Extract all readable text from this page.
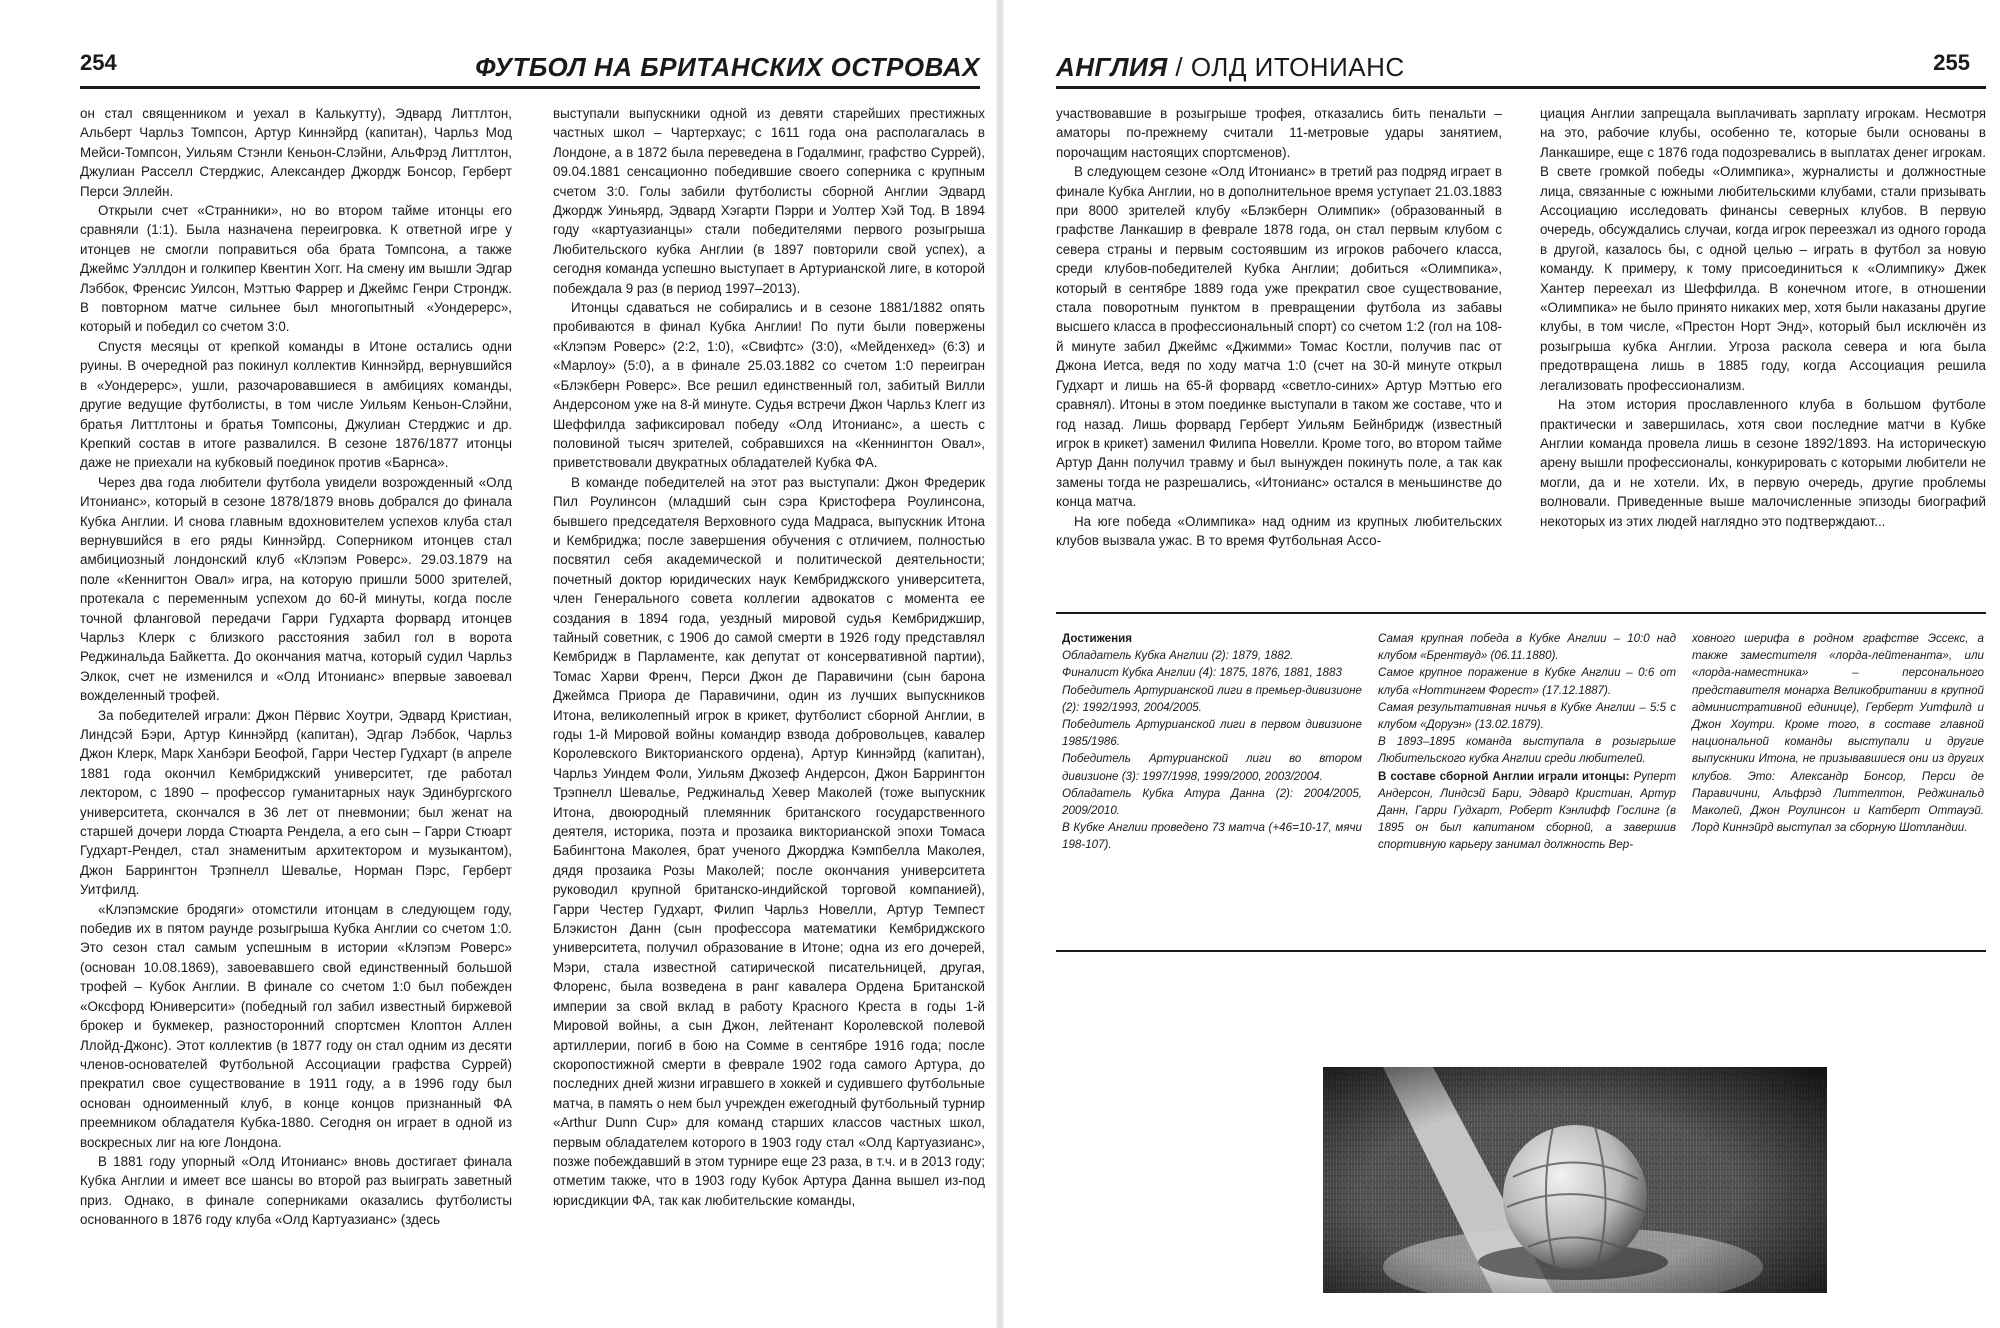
254	ФУТБОЛ НА БРИТАНСКИХ ОСТРОВАХ

он стал священником и уехал в Калькутту), Эдвард Литтлтон, Альберт Чарльз Томпсон, Артур Киннэйрд (капитан), Чарльз Мод Мейси-Томпсон, Уильям Стэнли Кеньон-Слэйни, АльФрэд Литтлтон, Джулиан Расселл Стерджис, Александер Джордж Бонсор, Герберт Перси Эллейн.

Открыли счет «Странники», но во втором тайме итонцы его сравняли (1:1). Была назначена переигровка. К ответной игре у итонцев не смогли поправиться оба брата Томпсона, а также Джеймс Уэллдон и голкипер Квентин Хогг. На смену им вышли Эдгар Лэббок, Френсис Уилсон, Мэттью Фаррер и Джеймс Генри Строндж. В повторном матче сильнее был многопытный «Уондерерс», который и победил со счетом 3:0.

Спустя месяцы от крепкой команды в Итоне остались одни руины. В очередной раз покинул коллектив Киннэйрд, вернувшийся в «Уондерерс», ушли, разочаровавшиеся в амбициях команды, другие ведущие футболисты, в том числе Уильям Кеньон-Слэйни, братья Литтлтоны и братья Томпсоны, Джулиан Стерджис и др. Крепкий состав в итоге развалился. В сезоне 1876/1877 итонцы даже не приехали на кубковый поединок против «Барнса».

Через два года любители футбола увидели возрожденный «Олд Итонианс», который в сезоне 1878/1879 вновь добрался до финала Кубка Англии. И снова главным вдохновителем успехов клуба стал вернувшийся в его ряды Киннэйрд. Соперником итонцев стал амбициозный лондонский клуб «Клэпэм Роверс». 29.03.1879 на поле «Кеннигтон Овал» игра, на которую пришли 5000 зрителей, протекала с переменным успехом до 60-й минуты, когда после точной фланговой передачи Гарри Гудхарта форвард итонцев Чарльз Клерк с близкого расстояния забил гол в ворота Реджинальда Байкетта. До окончания матча, который судил Чарльз Элкок, счет не изменился и «Олд Итонианс» впервые завоевал вожделенный трофей.

За победителей играли: Джон Пёрвис Хоутри, Эдвард Кристиан, Линдсэй Бэри, Артур Киннэйрд (капитан), Эдгар Лэббок, Чарльз Джон Клерк, Марк Ханбэри Беофой, Гарри Честер Гудхарт (в апреле 1881 года окончил Кембриджский университет, где работал лектором, с 1890 – профессор гуманитарных наук Эдинбургского университета, скончался в 36 лет от пневмонии; был женат на старшей дочери лорда Стюарта Рендела, а его сын – Гарри Стюарт Гудхарт-Рендел, стал знаменитым архитектором и музыкантом), Джон Баррингтон Трэпнелл Шевалье, Норман Пэрс, Герберт Уитфилд.

«Клэпэмские бродяги» отомстили итонцам в следующем году, победив их в пятом раунде розыгрыша Кубка Англии со счетом 1:0. Это сезон стал самым успешным в истории «Клэпэм Роверс» (основан 10.08.1869), завоевавшего свой единственный большой трофей – Кубок Англии. В финале со счетом 1:0 был побежден «Оксфорд Юниверсити» (победный гол забил известный биржевой брокер и букмекер, разносторонний спортсмен Клоптон Аллен Ллойд-Джонс). Этот коллектив (в 1877 году он стал одним из десяти членов-основателей Футбольной Ассоциации графства Суррей) прекратил свое существование в 1911 году, а в 1996 году был основан одноименный клуб, в конце концов признанный ФА преемником обладателя Кубка-1880. Сегодня он играет в одной из воскресных лиг на юге Лондона.

В 1881 году упорный «Олд Итонианс» вновь достигает финала Кубка Англии и имеет все шансы во второй раз выиграть заветный приз. Однако, в финале соперниками оказались футболисты основанного в 1876 году клуба «Олд Картуазианс» (здесь

выступали выпускники одной из девяти старейших престижных частных школ – Чартерхаус; с 1611 года она располагалась в Лондоне, а в 1872 была переведена в Годалминг, графство Суррей), 09.04.1881 сенсационно победившие своего соперника с крупным счетом 3:0. Голы забили футболисты сборной Англии Эдвард Джордж Уиньярд, Эдвард Хэгарти Пэрри и Уолтер Хэй Тод. В 1894 году «картуазианцы» стали победителями первого розыгрыша Любительского кубка Англии (в 1897 повторили свой успех), а сегодня команда успешно выступает в Артурианской лиге, в которой побеждала 9 раз (в период 1997–2013).

Итонцы сдаваться не собирались и в сезоне 1881/1882 опять пробиваются в финал Кубка Англии! По пути были повержены «Клэпэм Роверс» (2:2, 1:0), «Свифтс» (3:0), «Мейденхед» (6:3) и «Марлоу» (5:0), а в финале 25.03.1882 со счетом 1:0 переигран «Блэкберн Роверс». Все решил единственный гол, забитый Вилли Андерсоном уже на 8-й минуте. Судья встречи Джон Чарльз Клегг из Шеффилда зафиксировал победу «Олд Итонианс», а шесть с половиной тысяч зрителей, собравшихся на «Кеннингтон Овал», приветствовали двукратных обладателей Кубка ФА.

В команде победителей на этот раз выступали: Джон Фредерик Пил Роулинсон (младший сын сэра Кристофера Роулинсона, бывшего председателя Верховного суда Мадраса, выпускник Итона и Кембриджа; после завершения обучения с отличием, полностью посвятил себя академической и политической деятельности; почетный доктор юридических наук Кембриджского университета, член Генерального совета коллегии адвокатов с момента ее создания в 1894 года, уездный мировой судья Кембриджшир, тайный советник, с 1906 до самой смерти в 1926 году представлял Кембридж в Парламенте, как депутат от консервативной партии), Томас Харви Френч, Перси Джон де Паравичини (сын барона Джеймса Приора де Паравичини, один из лучших выпускников Итона, великолепный игрок в крикет, футболист сборной Англии, в годы 1-й Мировой войны командир взвода добровольцев, кавалер Королевского Викторианского ордена), Артур Киннэйрд (капитан), Чарльз Уиндем Фоли, Уильям Джозеф Андерсон, Джон Баррингтон Трэпнелл Шевалье, Реджинальд Хевер Маколей (тоже выпускник Итона, двоюродный племянник британского государственного деятеля, историка, поэта и прозаика викторианской эпохи Томаса Бабингтона Маколея, брат ученого Джорджа Кэмпбелла Маколея, дядя прозаика Розы Маколей; после окончания университета руководил крупной британско-индийской торговой компанией), Гарри Честер Гудхарт, Филип Чарльз Новелли, Артур Темпест Блэкистон Данн (сын профессора математики Кембриджского университета, получил образование в Итоне; одна из его дочерей, Мэри, стала известной сатирической писательницей, другая, Флоренс, была возведена в ранг кавалера Ордена Британской империи за свой вклад в работу Красного Креста в годы 1-й Мировой войны, а сын Джон, лейтенант Королевской полевой артиллерии, погиб в бою на Сомме в сентябре 1916 года; после скоропостижной смерти в феврале 1902 года самого Артура, до последних дней жизни игравшего в хоккей и судившего футбольные матча, в память о нем был учрежден ежегодный футбольный турнир «Arthur Dunn Cup» для команд старших классов частных школ, первым обладателем которого в 1903 году стал «Олд Картуазианс», позже побеждавший в этом турнире еще 23 раза, в т.ч. и в 2013 году; отметим также, что в 1903 году Кубок Артура Данна вышел из-под юрисдикции ФА, так как любительские команды,

АНГЛИЯ / ОЛД ИТОНИАНС	255

участвовавшие в розыгрыше трофея, отказались бить пенальти – аматоры по-прежнему считали 11-метровые удары занятием, порочащим настоящих спортсменов).

В следующем сезоне «Олд Итонианс» в третий раз подряд играет в финале Кубка Англии, но в дополнительное время уступает 21.03.1883 при 8000 зрителей клубу «Блэкберн Олимпик» (образованный в графстве Ланкашир в феврале 1878 года, он стал первым клубом с севера страны и первым состоявшим из игроков рабочего класса, среди клубов-победителей Кубка Англии; добиться «Олимпика», который в сентябре 1889 года уже прекратил свое существование, стала поворотным пунктом в превращении футбола из забавы высшего класса в профессиональный спорт) со счетом 1:2 (гол на 108-й минуте забил Джеймс «Джимми» Томас Костли, получив пас от Джона Иетса, ведя по ходу матча 1:0 (счет на 30-й минуте открыл Гудхарт и лишь на 65-й форвард «светло-синих» Артур Мэттью его сравнял). Итоны в этом поединке выступали в таком же составе, что и год назад. Лишь форвард Герберт Уильям Бейнбридж (известный игрок в крикет) заменил Филипа Новелли. Кроме того, во втором тайме Артур Данн получил травму и был вынужден покинуть поле, а так как замены тогда не разрешались, «Итонианс» остался в меньшинстве до конца матча.

На юге победа «Олимпика» над одним из крупных любительских клубов вызвала ужас. В то время Футбольная Ассо-

циация Англии запрещала выплачивать зарплату игрокам. Несмотря на это, рабочие клубы, особенно те, которые были основаны в Ланкашире, еще с 1876 года подозревались в выплатах денег игрокам. В свете громкой победы «Олимпика», журналисты и должностные лица, связанные с южными любительскими клубами, стали призывать Ассоциацию исследовать финансы северных клубов. В первую очередь, обсуждались случаи, когда игрок переезжал из одного города в другой, казалось бы, с одной целью – играть в футбол за новую команду. К примеру, к тому присоединиться к «Олимпику» Джек Хантер переехал из Шеффилда. В конечном итоге, в отношении «Олимпика» не было принято никаких мер, хотя были наказаны другие клубы, в том числе, «Престон Норт Энд», который был исключён из розыгрыша кубка Англии. Угроза раскола севера и юга была предотвращена лишь в 1885 году, когда Ассоциация решила легализовать профессионализм.

На этом история прославленного клуба в большом футболе практически и завершилась, хотя свои последние матчи в Кубке Англии команда провела лишь в сезоне 1892/1893. На историческую арену вышли профессионалы, конкурировать с которыми любители не могли, да и не хотели. Их, в первую очередь, другие проблемы волновали. Приведенные выше малочисленные эпизоды биографий некоторых из этих людей наглядно это подтверждают...

Достижения

Обладатель Кубка Англии (2): 1879, 1882.

Финалист Кубка Англии (4): 1875, 1876, 1881, 1883

Победитель Артурианской лиги в премьер-дивизионе (2): 1992/1993, 2004/2005.

Победитель Артурианской лиги в первом дивизионе 1985/1986.

Победитель Артурианской лиги во втором дивизионе (3): 1997/1998, 1999/2000, 2003/2004.

Обладатель Кубка Атура Данна (2): 2004/2005, 2009/2010.

В Кубке Англии проведено 73 матча (+46=10-17, мячи 198-107).

Самая крупная победа в Кубке Англии – 10:0 над клубом «Брентвуд» (06.11.1880).

Самое крупное поражение в Кубке Англии – 0:6 от клуба «Ноттингем Форест» (17.12.1887).

Самая результативная ничья в Кубке Англии – 5:5 с клубом «Доруэн» (13.02.1879).

В 1893–1895 команда выступала в розыгрыше Любительского кубка Англии среди любителей.

В составе сборной Англии играли итонцы: Руперт Андерсон, Линдсэй Бари, Эдвард Кристиан, Артур Данн, Гарри Гудхарт, Роберт Кэнлифф Гослинг (в 1895 он был капитаном сборной, а завершив спортивную карьеру занимал должность Вер-

ховного шерифа в родном графстве Эссекс, а также заместителя «лорда-лейтенанта», или «лорда-наместника» – персонального представителя монарха Великобритании в крупной административной единице), Герберт Уитфилд и Джон Хоутри. Кроме того, в составе главной национальной команды выступали и другие выпускники Итона, не призывавшиеся они из других клубов. Это: Александр Бонсор, Перси де Паравичини, Альфрэд Литтелтон, Реджинальд Маколей, Джон Роулинсон и Катберт Оттауэй. Лорд Киннэйрд выступал за сборную Шотландии.
